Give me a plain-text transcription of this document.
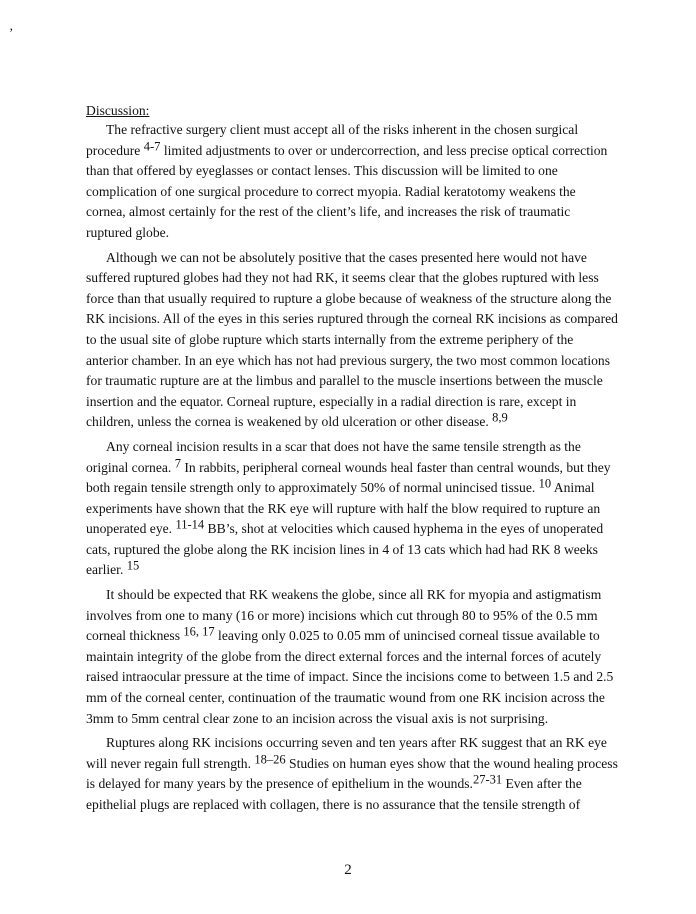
ʼ
Discussion:

The refractive surgery client must accept all of the risks inherent in the chosen surgical procedure $^{4-7}$ limited adjustments to over or undercorrection, and less precise optical correction than that offered by eyeglasses or contact lenses. This discussion will be limited to one complication of one surgical procedure to correct myopia. Radial keratotomy weakens the cornea, almost certainly for the rest of the client’s life, and increases the risk of traumatic ruptured globe.

Although we can not be absolutely positive that the cases presented here would not have suffered ruptured globes had they not had RK, it seems clear that the globes ruptured with less force than that usually required to rupture a globe because of weakness of the structure along the RK incisions. All of the eyes in this series ruptured through the corneal RK incisions as compared to the usual site of globe rupture which starts internally from the extreme periphery of the anterior chamber. In an eye which has not had previous surgery, the two most common locations for traumatic rupture are at the limbus and parallel to the muscle insertions between the muscle insertion and the equator. Corneal rupture, especially in a radial direction is rare, except in children, unless the cornea is weakened by old ulceration or other disease. $^{8,9}$

Any corneal incision results in a scar that does not have the same tensile strength as the original cornea. $^7$ In rabbits, peripheral corneal wounds heal faster than central wounds, but they both regain tensile strength only to approximately 50% of normal unincised tissue. $^{10}$ Animal experiments have shown that the RK eye will rupture with half the blow required to rupture an unoperated eye. $^{11-14}$ BB’s, shot at velocities which caused hyphema in the eyes of unoperated cats, ruptured the globe along the RK incision lines in 4 of 13 cats which had had RK 8 weeks earlier. $^{15}$

It should be expected that RK weakens the globe, since all RK for myopia and astigmatism involves from one to many (16 or more) incisions which cut through 80 to 95% of the 0.5 mm corneal thickness $^{16, 17}$ leaving only 0.025 to 0.05 mm of unincised corneal tissue available to maintain integrity of the globe from the direct external forces and the internal forces of acutely raised intraocular pressure at the time of impact. Since the incisions come to between 1.5 and 2.5 mm of the corneal center, continuation of the traumatic wound from one RK incision across the 3mm to 5mm central clear zone to an incision across the visual axis is not surprising.

Ruptures along RK incisions occurring seven and ten years after RK suggest that an RK eye will never regain full strength. $^{18-26}$ Studies on human eyes show that the wound healing process is delayed for many years by the presence of epithelium in the wounds.$^{27-31}$ Even after the epithelial plugs are replaced with collagen, there is no assurance that the tensile strength of

2
